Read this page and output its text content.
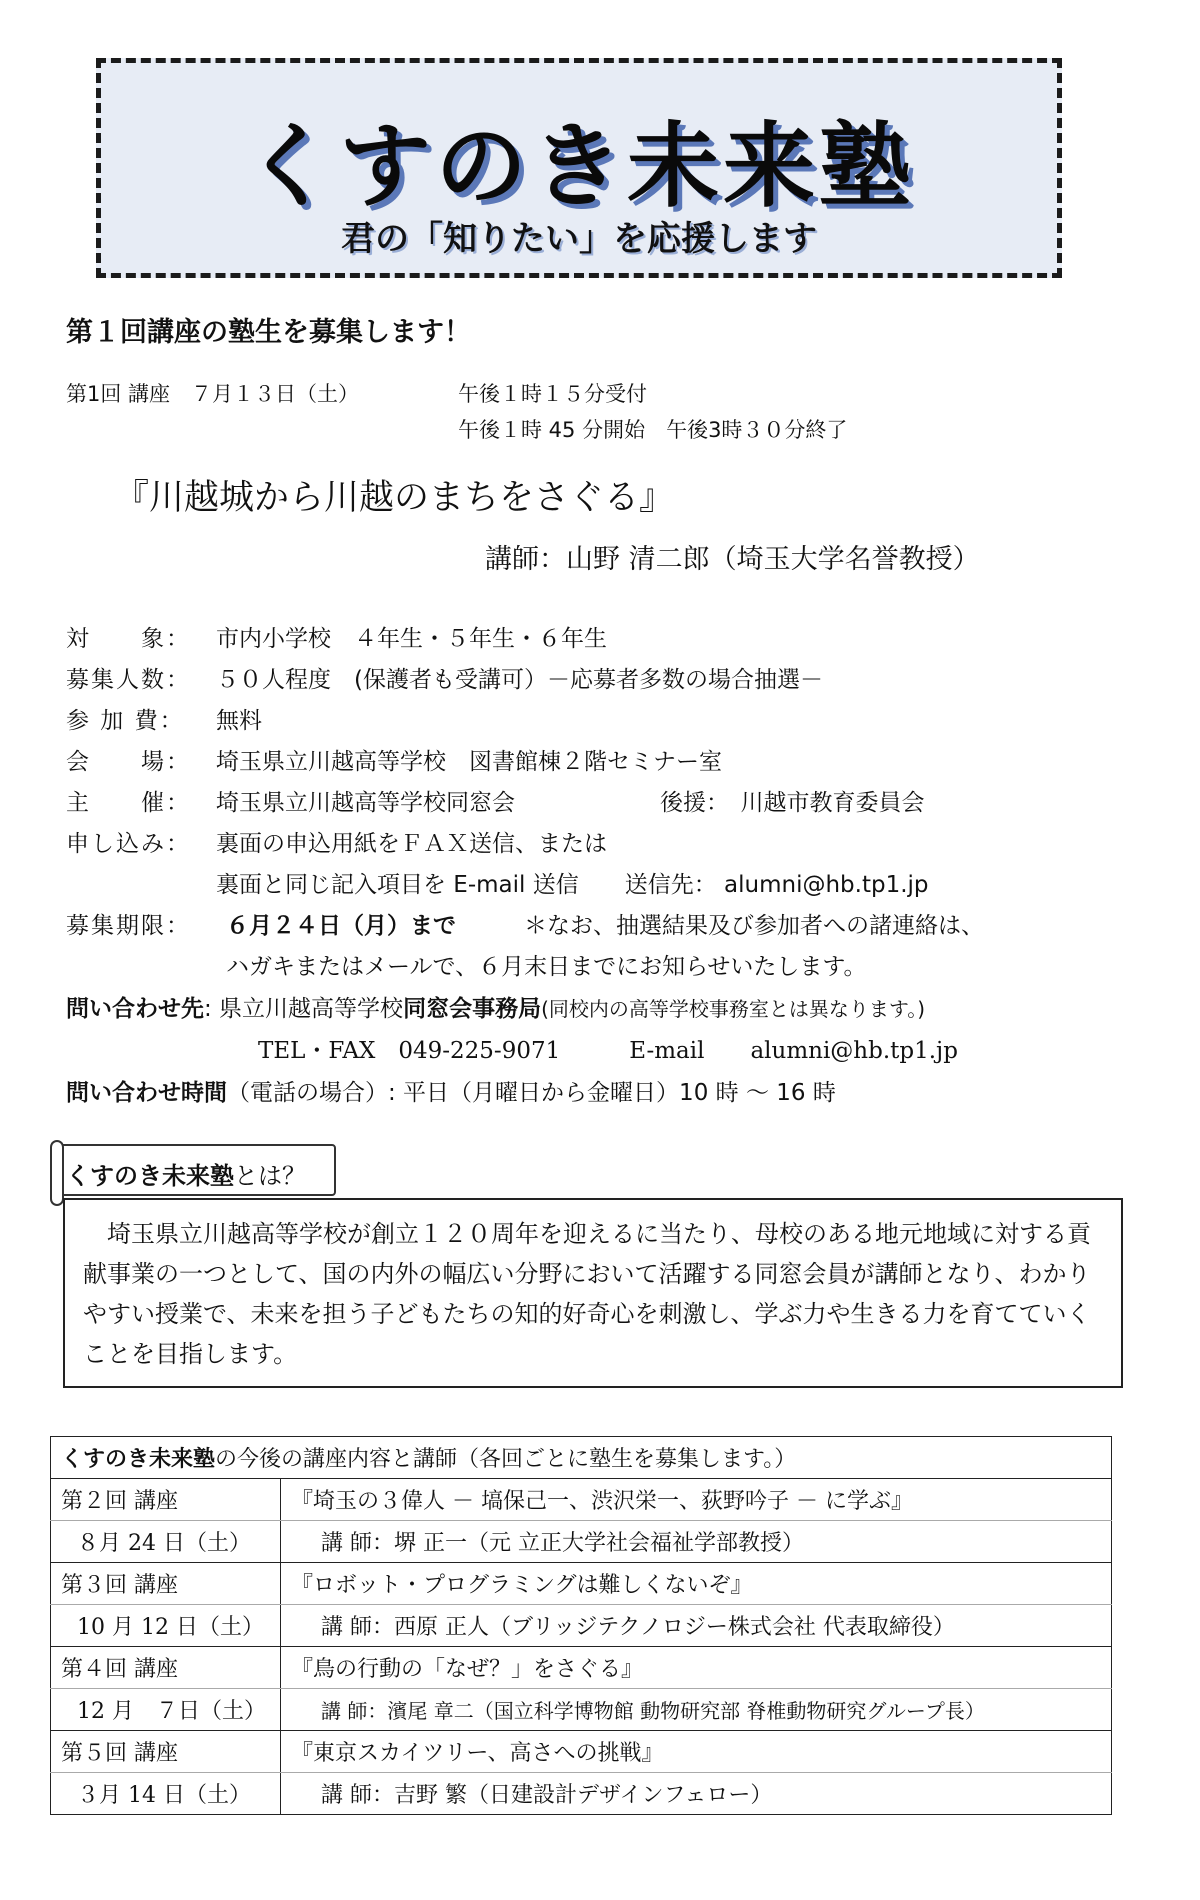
くすのき未来塾
君の「知りたい」を応援します
第１回講座の塾生を募集します！
第1回 講座　７月１３日（土）	午後１時１５分受付
午後１時 45 分開始　午後3時３０分終了
『川越城から川越のまちをさぐる』
講師：山野 清二郎（埼玉大学名誉教授）
対　　象： 市内小学校　４年生・５年生・６年生
募集人数： ５０人程度　(保護者も受講可）－応募者多数の場合抽選－
参 加 費： 無料
会　　場： 埼玉県立川越高等学校　図書館棟２階セミナー室
主　　催： 埼玉県立川越高等学校同窓会	後援：　川越市教育委員会
申し込み： 裏面の申込用紙をＦＡＸ送信、または
裏面と同じ記入項目を E-mail 送信　　送信先： alumni@hb.tp1.jp
募集期限： ６月２４日（月）まで	＊なお、抽選結果及び参加者への諸連絡は、
ハガキまたはメールで、６月末日までにお知らせいたします。
問い合わせ先: 県立川越高等学校同窓会事務局(同校内の高等学校事務室とは異なります。)
TEL・FAX　049-225-9071　　　E-mail　　alumni@hb.tp1.jp
問い合わせ時間（電話の場合）: 平日（月曜日から金曜日）10 時 ～ 16 時
くすのき未来塾とは？

　埼玉県立川越高等学校が創立１２０周年を迎えるに当たり、母校のある地元地域に対する貢献事業の一つとして、国の内外の幅広い分野において活躍する同窓会員が講師となり、わかりやすい授業で、未来を担う子どもたちの知的好奇心を刺激し、学ぶ力や生きる力を育てていくことを目指します。

くすのき未来塾の今後の講座内容と講師（各回ごとに塾生を募集します。）	
第２回 講座	『埼玉の３偉人 － 塙保己一、渋沢栄一、荻野吟子 － に学ぶ』
８月 24 日（土）	講 師：堺 正一（元 立正大学社会福祉学部教授）
第３回 講座	『ロボット・プログラミングは難しくないぞ』
10 月 12 日（土）	講 師：西原 正人（ブリッジテクノロジー株式会社 代表取締役）
第４回 講座	『鳥の行動の「なぜ？」をさぐる』
12 月　７日（土）	講 師：濱尾 章二（国立科学博物館 動物研究部 脊椎動物研究グループ長）
第５回 講座	『東京スカイツリー、高さへの挑戦』
３月 14 日（土）	講 師：吉野 繁（日建設計デザインフェロー）
